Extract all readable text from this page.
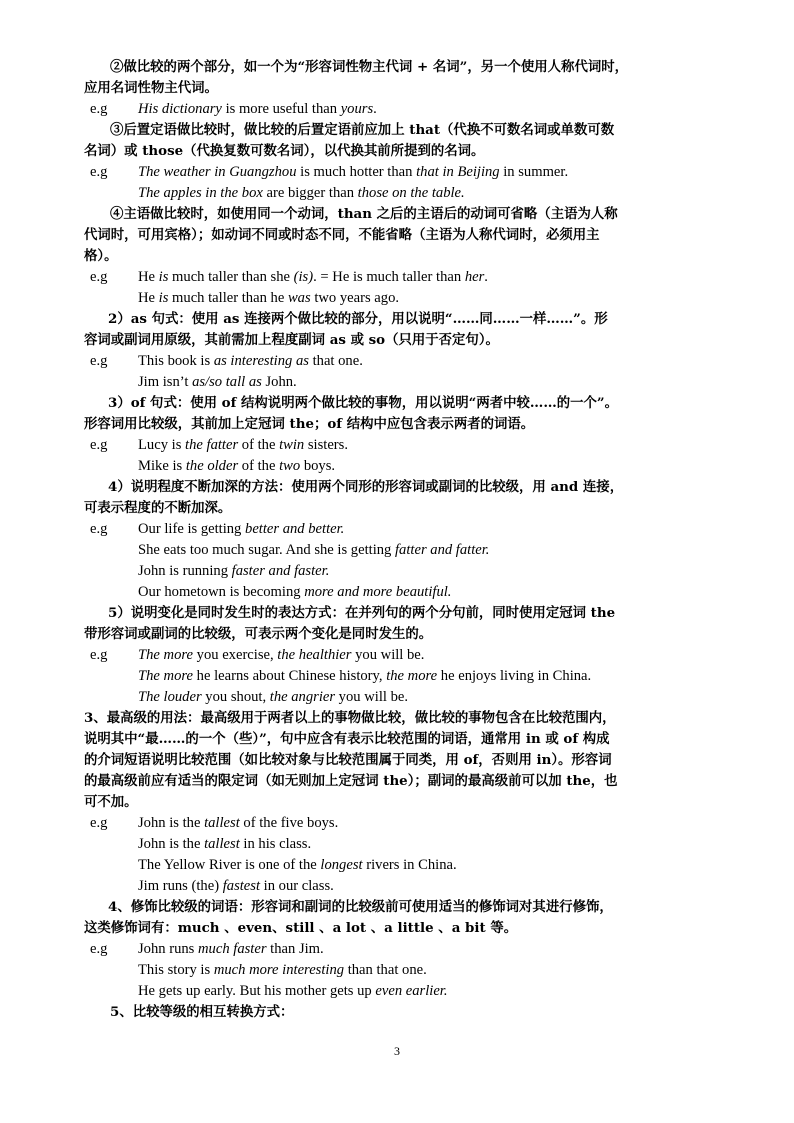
②做比较的两个部分，如一个为“形容词性物主代词 + 名词”，另一个使用人称代词时，
应用名词性物主代词。
e.g His dictionary is more useful than yours.
③后置定语做比较时，做比较的后置定语前应加上 that（代换不可数名词或单数可数
名词）或 those（代换复数可数名词），以代换其前所提到的名词。
e.g The weather in Guangzhou is much hotter than that in Beijing in summer.
The apples in the box are bigger than those on the table.
④主语做比较时，如使用同一个动词，than 之后的主语后的动词可省略（主语为人称
代词时，可用宾格）；如动词不同或时态不同，不能省略（主语为人称代词时，必须用主
格）。
e.g He is much taller than she (is). = He is much taller than her.
He is much taller than he was two years ago.
2）as 句式：使用 as 连接两个做比较的部分，用以说明“……同……一样……”。形
容词或副词用原级，其前需加上程度副词 as 或 so（只用于否定句）。
e.g This book is as interesting as that one.
Jim isn’t as/so tall as John.
3）of 句式：使用 of 结构说明两个做比较的事物，用以说明“两者中较……的一个”。
形容词用比较级，其前加上定冠词 the；of 结构中应包含表示两者的词语。
e.g Lucy is the fatter of the twin sisters.
Mike is the older of the two boys.
4）说明程度不断加深的方法：使用两个同形的形容词或副词的比较级，用 and 连接，
可表示程度的不断加深。
e.g Our life is getting better and better.
She eats too much sugar. And she is getting fatter and fatter.
John is running faster and faster.
Our hometown is becoming more and more beautiful.
5）说明变化是同时发生时的表达方式：在并列句的两个分句前，同时使用定冠词 the
带形容词或副词的比较级，可表示两个变化是同时发生的。
e.g The more you exercise, the healthier you will be.
The more he learns about Chinese history, the more he enjoys living in China.
The louder you shout, the angrier you will be.
3、最高级的用法：最高级用于两者以上的事物做比较，做比较的事物包含在比较范围内，
说明其中“最……的一个（些）”，句中应含有表示比较范围的词语，通常用 in 或 of 构成
的介词短语说明比较范围（如比较对象与比较范围属于同类，用 of，否则用 in）。形容词
的最高级前应有适当的限定词（如无则加上定冠词 the）；副词的最高级前可以加 the，也
可不加。
e.g John is the tallest of the five boys.
John is the tallest in his class.
The Yellow River is one of the longest rivers in China.
Jim runs (the) fastest in our class.
4、修饰比较级的词语：形容词和副词的比较级前可使用适当的修饰词对其进行修饰，
这类修饰词有：much 、even、still 、a lot 、a little 、a bit 等。
e.g John runs much faster than Jim.
This story is much more interesting than that one.
He gets up early. But his mother gets up even earlier.
5、比较等级的相互转换方式：
3
